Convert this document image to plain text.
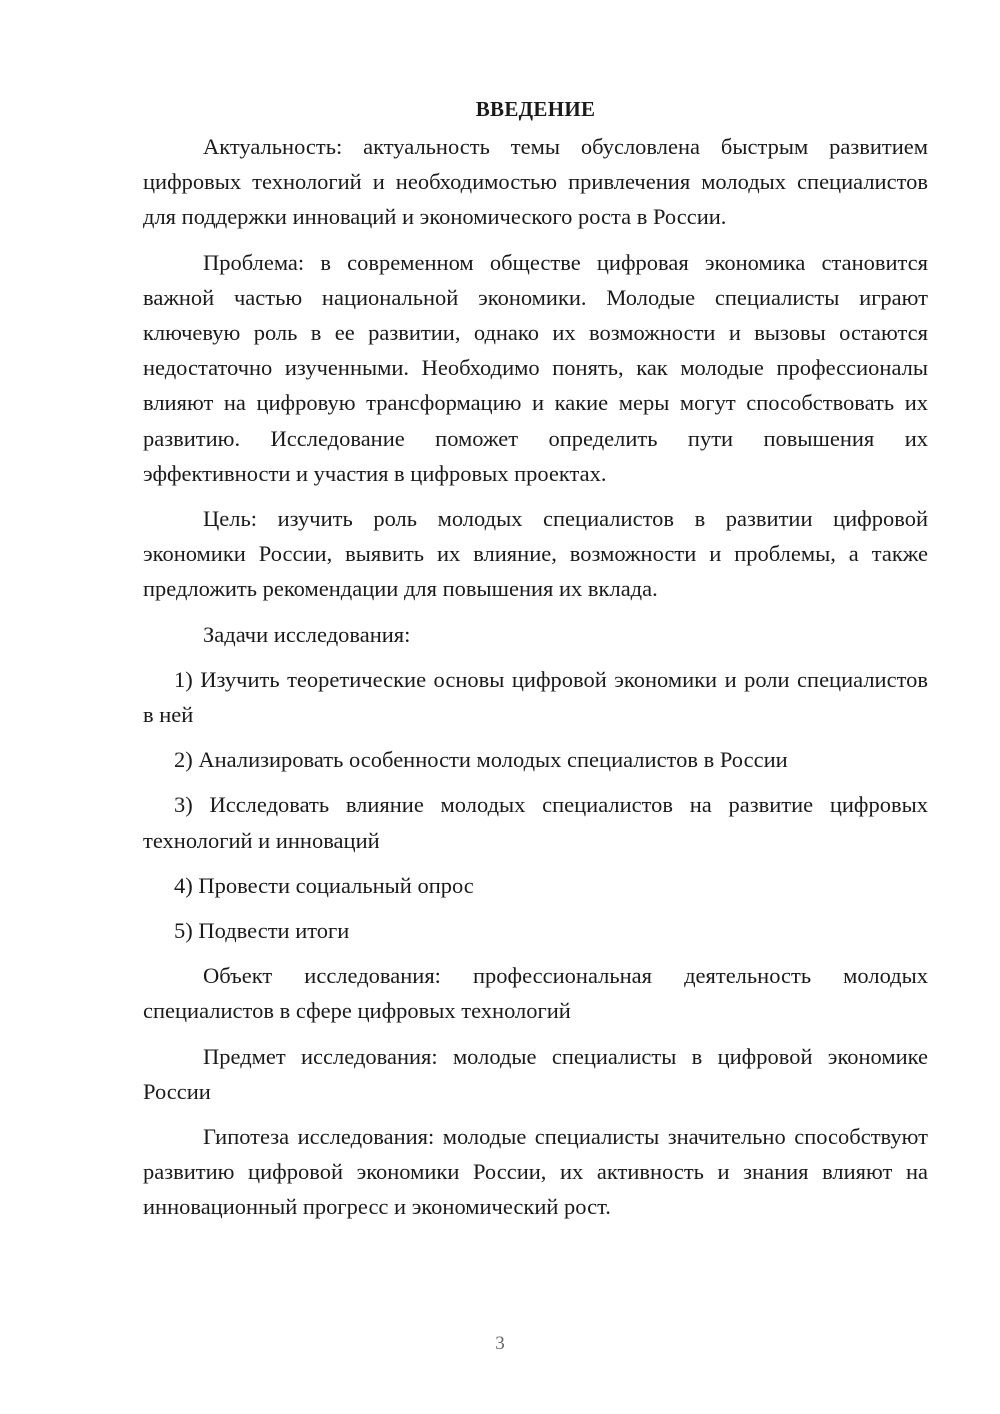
ВВЕДЕНИЕ

Актуальность: актуальность темы обусловлена быстрым развитием цифровых технологий и необходимостью привлечения молодых специалистов для поддержки инноваций и экономического роста в России.

Проблема: в современном обществе цифровая экономика становится важной частью национальной экономики. Молодые специалисты играют ключевую роль в ее развитии, однако их возможности и вызовы остаются недостаточно изученными. Необходимо понять, как молодые профессионалы влияют на цифровую трансформацию и какие меры могут способствовать их развитию. Исследование поможет определить пути повышения их эффективности и участия в цифровых проектах.

Цель: изучить роль молодых специалистов в развитии цифровой экономики России, выявить их влияние, возможности и проблемы, а также предложить рекомендации для повышения их вклада.

Задачи исследования:

1) Изучить теоретические основы цифровой экономики и роли специалистов в ней

2) Анализировать особенности молодых специалистов в России

3) Исследовать влияние молодых специалистов на развитие цифровых технологий и инноваций

4) Провести социальный опрос

5) Подвести итоги

Объект исследования: профессиональная деятельность молодых специалистов в сфере цифровых технологий

Предмет исследования: молодые специалисты в цифровой экономике России

Гипотеза исследования: молодые специалисты значительно способствуют развитию цифровой экономики России, их активность и знания влияют на инновационный прогресс и экономический рост.

3
